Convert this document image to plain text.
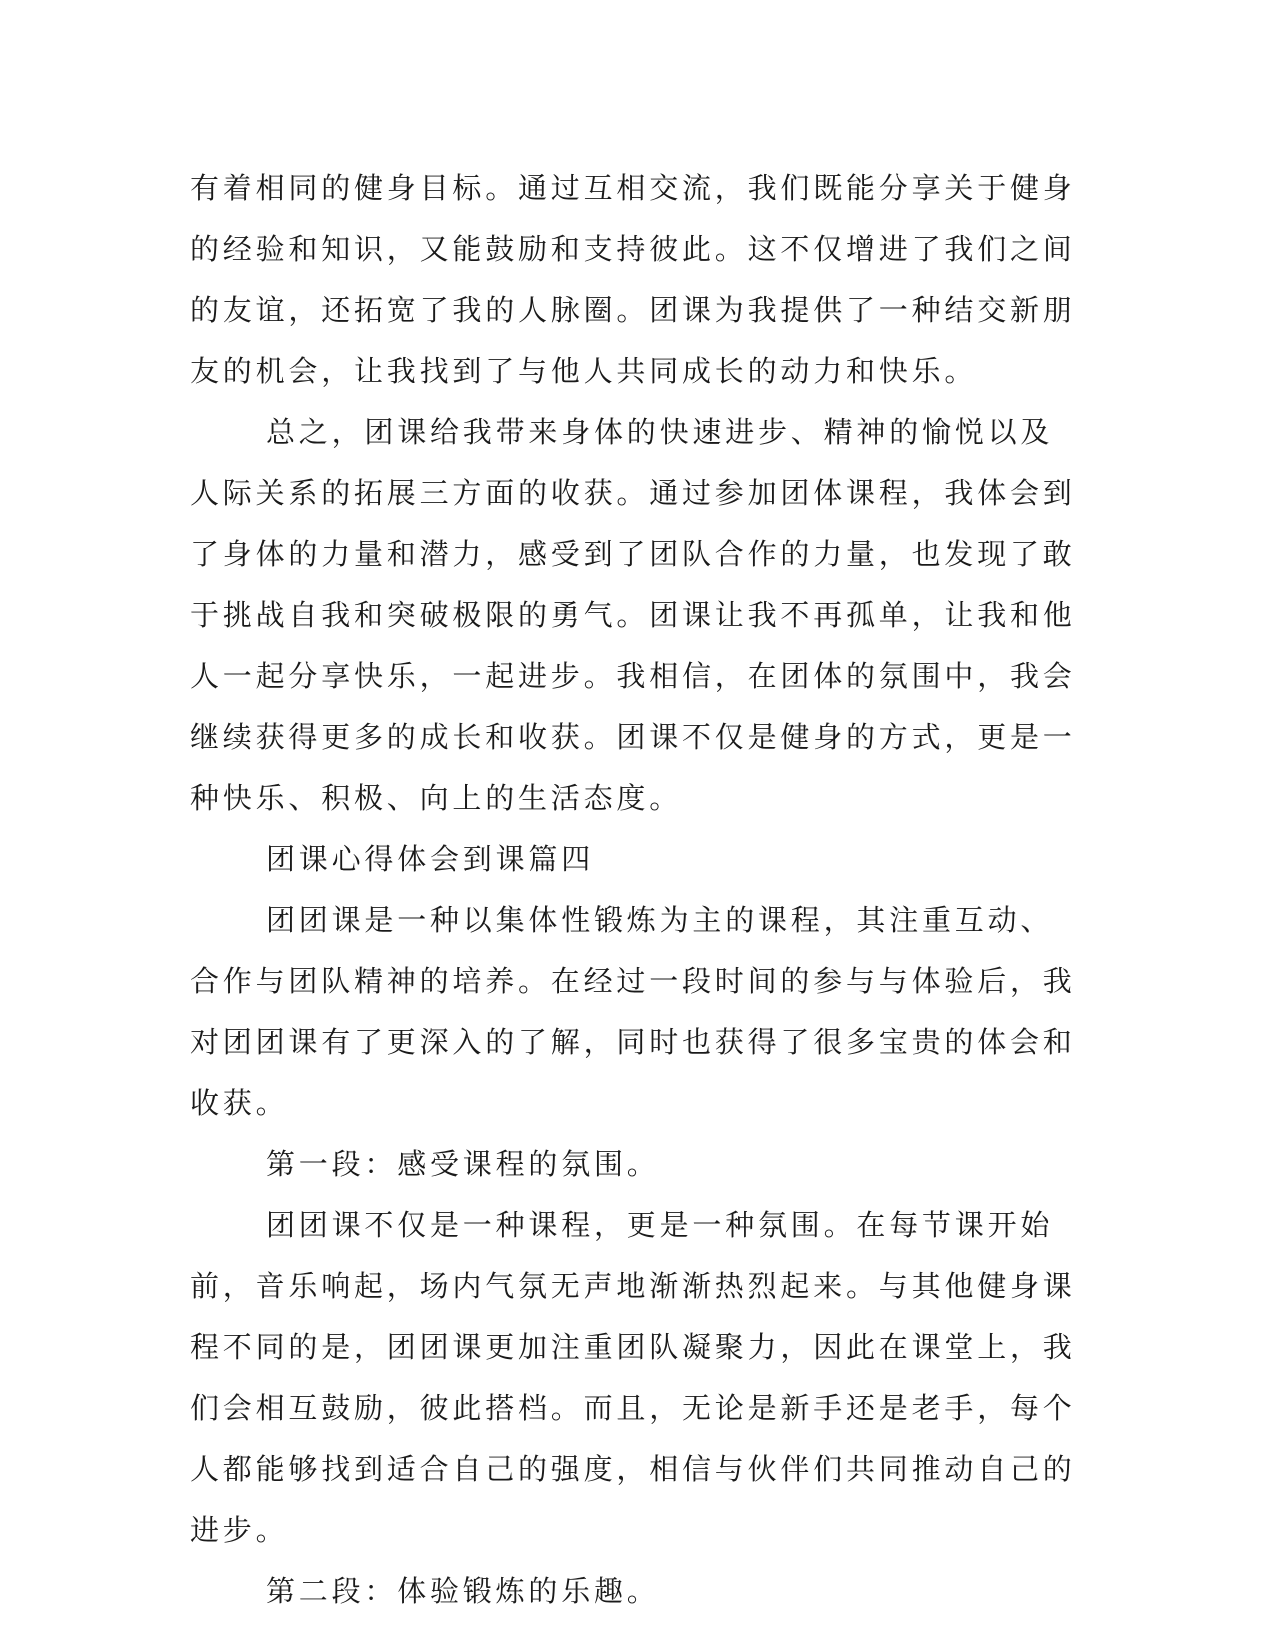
有着相同的健身目标。通过互相交流，我们既能分享关于健身的经验和知识，又能鼓励和支持彼此。这不仅增进了我们之间的友谊，还拓宽了我的人脉圈。团课为我提供了一种结交新朋友的机会，让我找到了与他人共同成长的动力和快乐。

总之，团课给我带来身体的快速进步、精神的愉悦以及人际关系的拓展三方面的收获。通过参加团体课程，我体会到了身体的力量和潜力，感受到了团队合作的力量，也发现了敢于挑战自我和突破极限的勇气。团课让我不再孤单，让我和他人一起分享快乐，一起进步。我相信，在团体的氛围中，我会继续获得更多的成长和收获。团课不仅是健身的方式，更是一种快乐、积极、向上的生活态度。

团课心得体会到课篇四

团团课是一种以集体性锻炼为主的课程，其注重互动、合作与团队精神的培养。在经过一段时间的参与与体验后，我对团团课有了更深入的了解，同时也获得了很多宝贵的体会和收获。

第一段：感受课程的氛围。

团团课不仅是一种课程，更是一种氛围。在每节课开始前，音乐响起，场内气氛无声地渐渐热烈起来。与其他健身课程不同的是，团团课更加注重团队凝聚力，因此在课堂上，我们会相互鼓励，彼此搭档。而且，无论是新手还是老手，每个人都能够找到适合自己的强度，相信与伙伴们共同推动自己的进步。

第二段：体验锻炼的乐趣。
